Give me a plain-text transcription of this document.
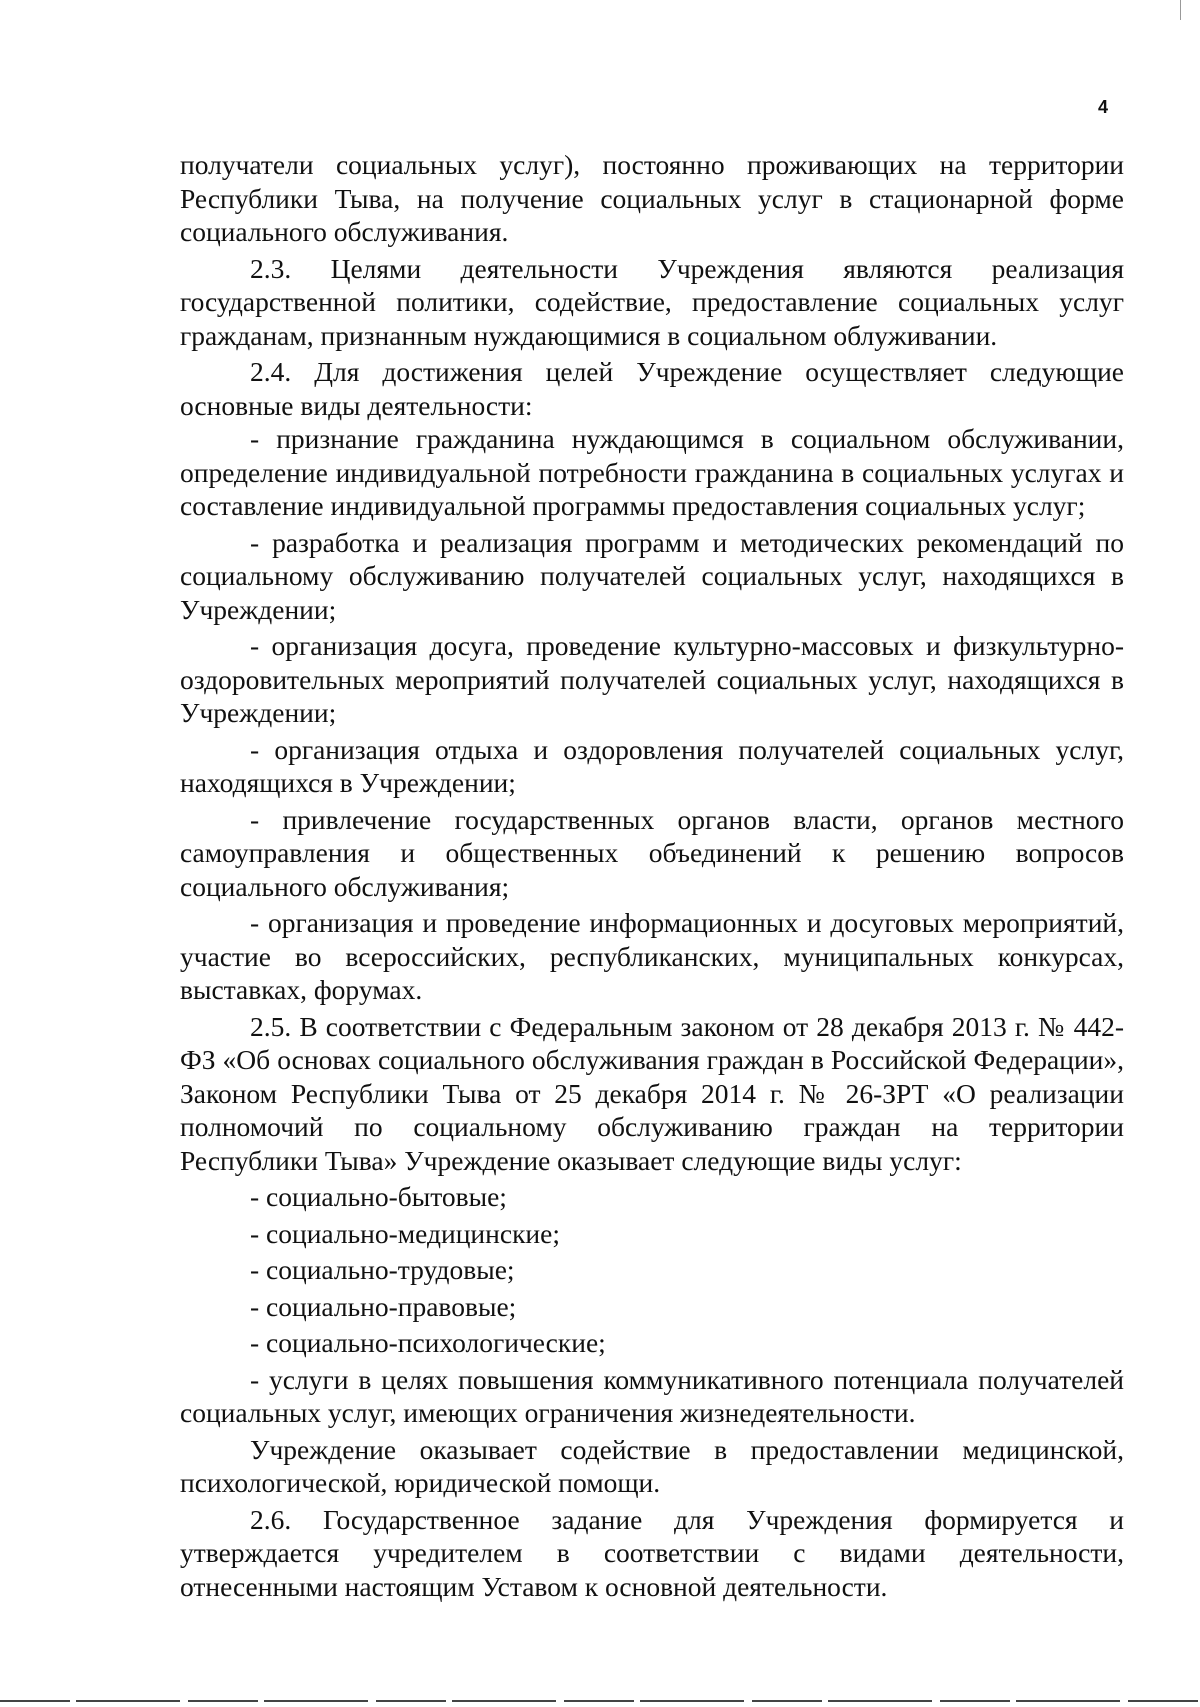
4

получатели социальных услуг), постоянно проживающих на территории Республики Тыва, на получение социальных услуг в стационарной форме социального обслуживания.

2.3. Целями деятельности Учреждения являются реализация государственной политики, содействие, предоставление социальных услуг гражданам, признанным нуждающимися в социальном облуживании.

2.4. Для достижения целей Учреждение осуществляет следующие основные виды деятельности:

- признание гражданина нуждающимся в социальном обслуживании, определение индивидуальной потребности гражданина в социальных услугах и составление индивидуальной программы предоставления социальных услуг;

- разработка и реализация программ и методических рекомендаций по социальному обслуживанию получателей социальных услуг, находящихся в Учреждении;

- организация досуга, проведение культурно-массовых и физкультурно-оздоровительных мероприятий получателей социальных услуг, находящихся в Учреждении;

- организация отдыха и оздоровления получателей социальных услуг, находящихся в Учреждении;

- привлечение государственных органов власти, органов местного самоуправления и общественных объединений к решению вопросов социального обслуживания;

- организация и проведение информационных и досуговых мероприятий, участие во всероссийских, республиканских, муниципальных конкурсах, выставках, форумах.

2.5. В соответствии с Федеральным законом от 28 декабря 2013 г. № 442-ФЗ «Об основах социального обслуживания граждан в Российской Федерации», Законом Республики Тыва от 25 декабря 2014 г. № 26-ЗРТ «О реализации полномочий по социальному обслуживанию граждан на территории Республики Тыва» Учреждение оказывает следующие виды услуг:

- социально-бытовые;

- социально-медицинские;

- социально-трудовые;

- социально-правовые;

- социально-психологические;

- услуги в целях повышения коммуникативного потенциала получателей социальных услуг, имеющих ограничения жизнедеятельности.

Учреждение оказывает содействие в предоставлении медицинской, психологической, юридической помощи.

2.6. Государственное задание для Учреждения формируется и утверждается учредителем в соответствии с видами деятельности, отнесенными настоящим Уставом к основной деятельности.
